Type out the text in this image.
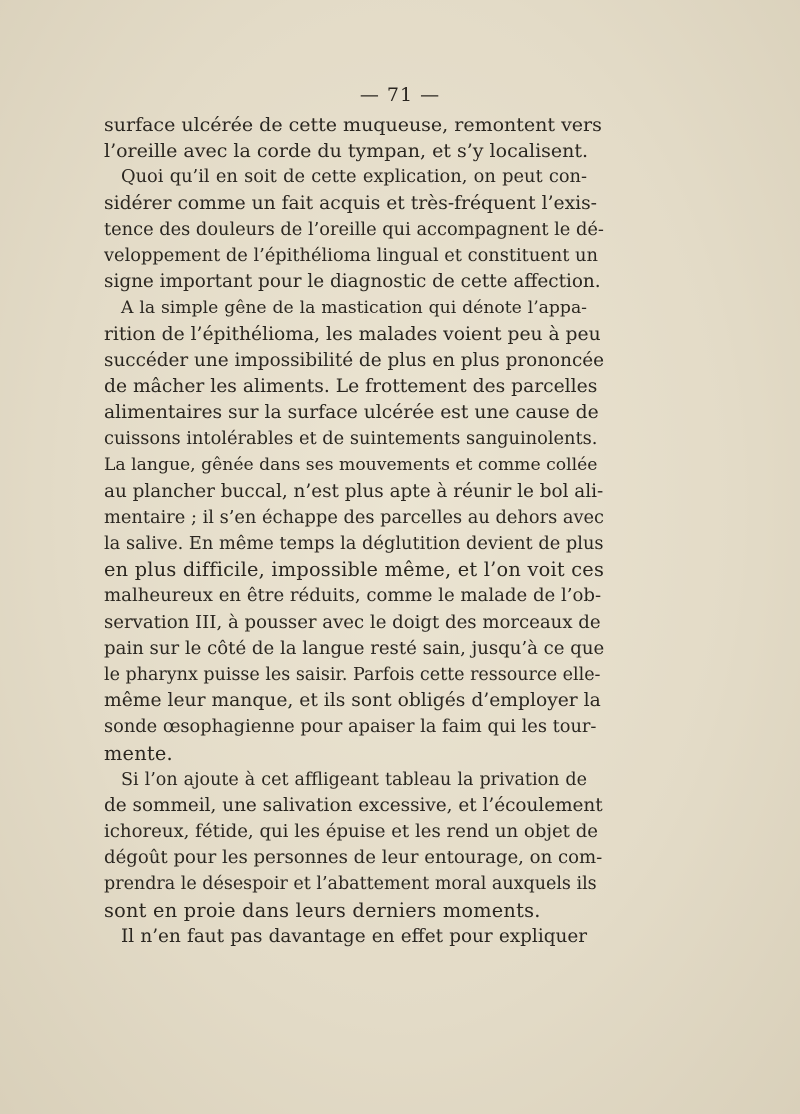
— 71 —
surface ulcérée de cette muqueuse, remontent vers
l’oreille avec la corde du tympan, et s’y localisent.
Quoi qu’il en soit de cette explication, on peut con-
sidérer comme un fait acquis et très-fréquent l’exis-
tence des douleurs de l’oreille qui accompagnent le dé-
veloppement de l’épithélioma lingual et constituent un
signe important pour le diagnostic de cette affection.
A la simple gêne de la mastication qui dénote l’appa-
rition de l’épithélioma, les malades voient peu à peu
succéder une impossibilité de plus en plus prononcée
de mâcher les aliments. Le frottement des parcelles
alimentaires sur la surface ulcérée est une cause de
cuissons intolérables et de suintements sanguinolents.
La langue, gênée dans ses mouvements et comme collée
au plancher buccal, n’est plus apte à réunir le bol ali-
mentaire ; il s’en échappe des parcelles au dehors avec
la salive. En même temps la déglutition devient de plus
en plus difficile, impossible même, et l’on voit ces
malheureux en être réduits, comme le malade de l’ob-
servation III, à pousser avec le doigt des morceaux de
pain sur le côté de la langue resté sain, jusqu’à ce que
le pharynx puisse les saisir. Parfois cette ressource elle-
même leur manque, et ils sont obligés d’employer la
sonde œsophagienne pour apaiser la faim qui les tour-
mente.
Si l’on ajoute à cet affligeant tableau la privation de
de sommeil, une salivation excessive, et l’écoulement
ichoreux, fétide, qui les épuise et les rend un objet de
dégoût pour les personnes de leur entourage, on com-
prendra le désespoir et l’abattement moral auxquels ils
sont en proie dans leurs derniers moments.
Il n’en faut pas davantage en effet pour expliquer
